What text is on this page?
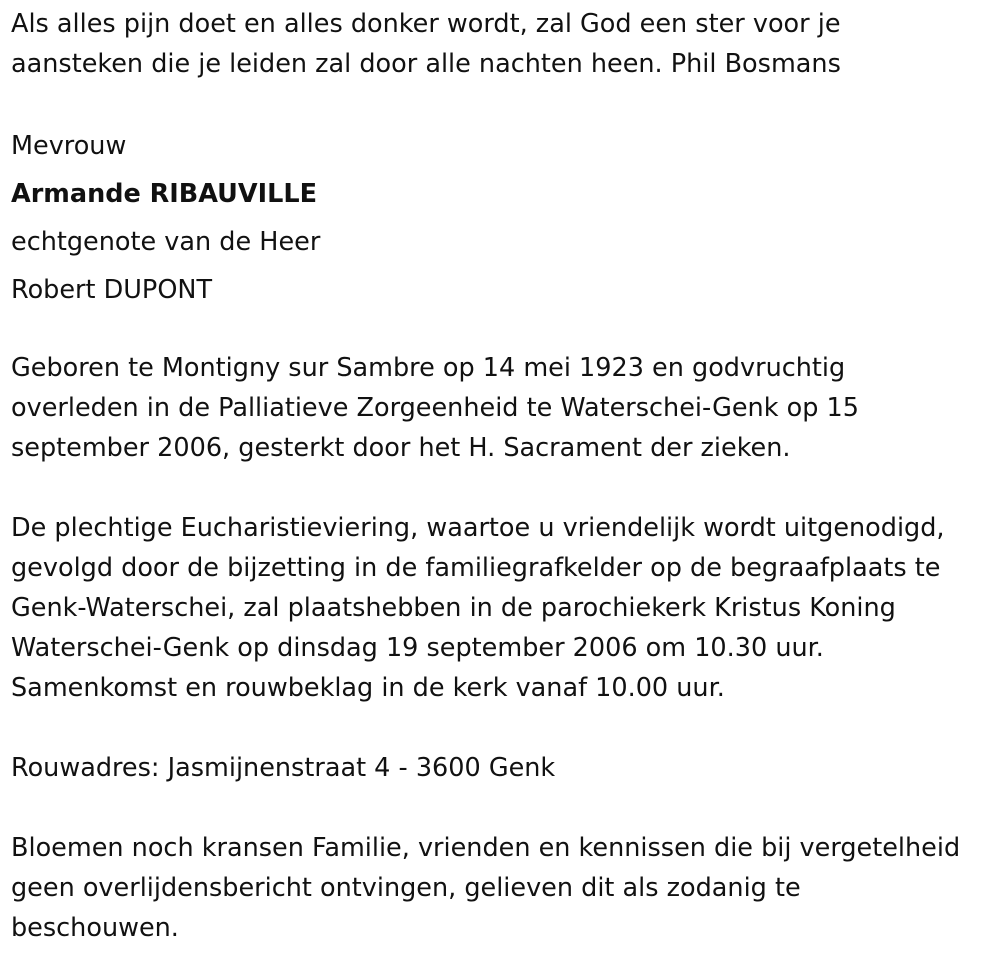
Als alles pijn doet en alles donker wordt, zal God een ster voor je
aansteken die je leiden zal door alle nachten heen. Phil Bosmans
Mevrouw
Armande RIBAUVILLE
echtgenote van de Heer
Robert DUPONT
Geboren te Montigny sur Sambre op 14 mei 1923 en godvruchtig
overleden in de Palliatieve Zorgeenheid te Waterschei-Genk op 15
september 2006, gesterkt door het H. Sacrament der zieken.
De plechtige Eucharistieviering, waartoe u vriendelijk wordt uitgenodigd,
gevolgd door de bijzetting in de familiegrafkelder op de begraafplaats te
Genk-Waterschei, zal plaatshebben in de parochiekerk Kristus Koning
Waterschei-Genk op dinsdag 19 september 2006 om 10.30 uur.
Samenkomst en rouwbeklag in de kerk vanaf 10.00 uur.
Rouwadres: Jasmijnenstraat 4 - 3600 Genk
Bloemen noch kransen Familie, vrienden en kennissen die bij vergetelheid
geen overlijdensbericht ontvingen, gelieven dit als zodanig te
beschouwen.
